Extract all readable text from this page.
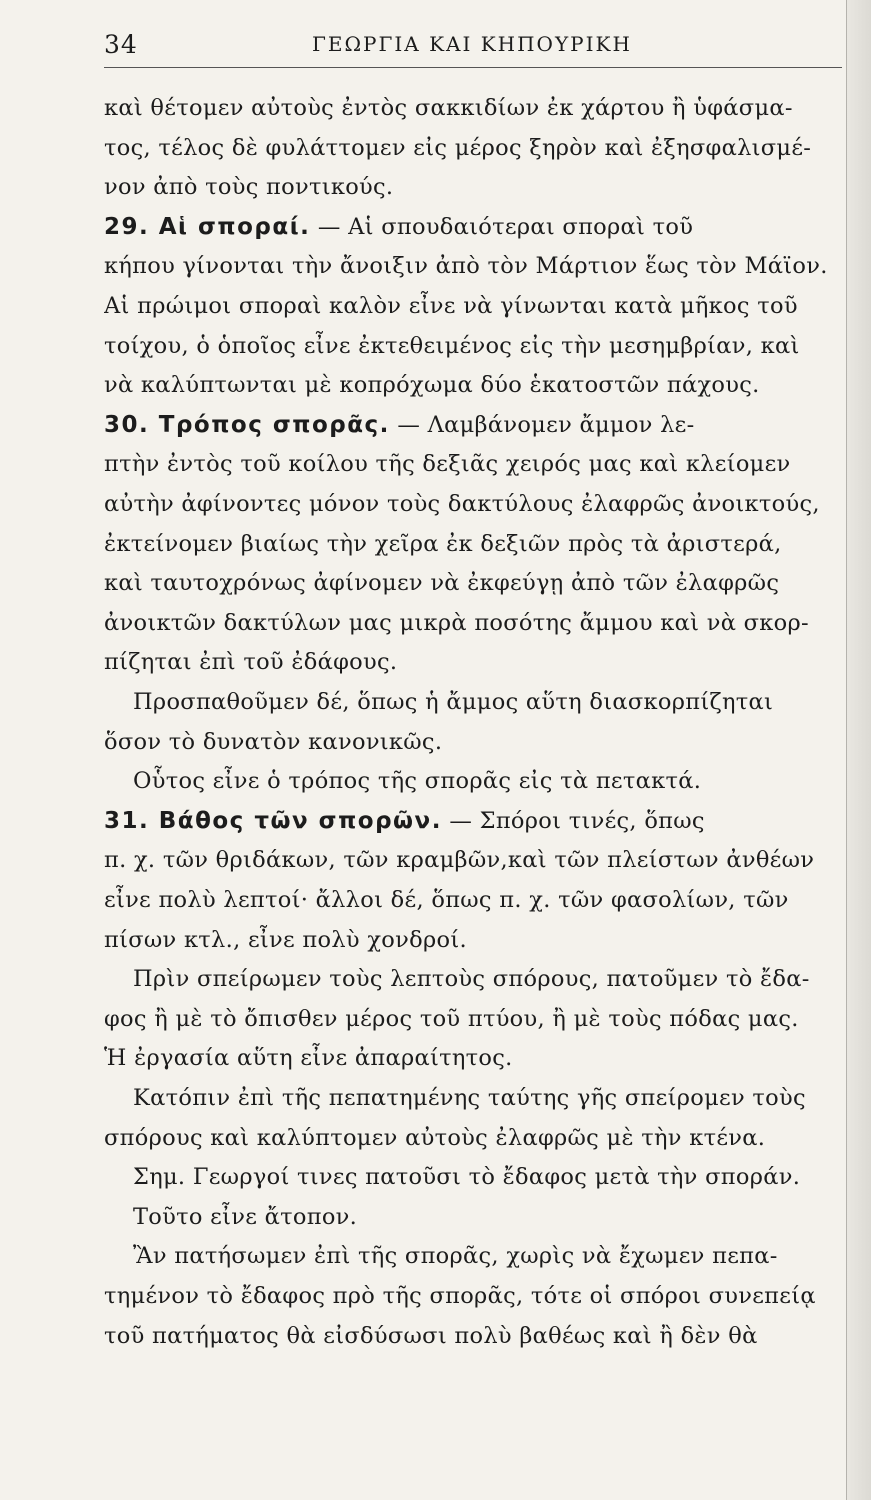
34	ΓΕΩΡΓΙΑ ΚΑΙ ΚΗΠΟΥΡΙΚΗ
καὶ θέτομεν αὐτοὺς ἐντὸς σακκιδίων ἐκ χάρτου ἢ ὑφάσμα-
τος, τέλος δὲ φυλάττομεν εἰς μέρος ξηρὸν καὶ ἐξησφαλισμέ-
νον ἀπὸ τοὺς ποντικούς.
29. Αἱ σποραί. — Αἱ σπουδαιότεραι σποραὶ τοῦ
κήπου γίνονται τὴν ἄνοιξιν ἀπὸ τὸν Μάρτιον ἕως τὸν Μάϊον.
Αἱ πρώιμοι σποραὶ καλὸν εἶνε νὰ γίνωνται κατὰ μῆκος τοῦ
τοίχου, ὁ ὁποῖος εἶνε ἐκτεθειμένος εἰς τὴν μεσημβρίαν, καὶ
νὰ καλύπτωνται μὲ κοπρόχωμα δύο ἑκατοστῶν πάχους.
30. Τρόπος σπορᾶς. — Λαμβάνομεν ἄμμον λε-
πτὴν ἐντὸς τοῦ κοίλου τῆς δεξιᾶς χειρός μας καὶ κλείομεν
αὐτὴν ἀφίνοντες μόνον τοὺς δακτύλους ἐλαφρῶς ἀνοικτούς,
ἐκτείνομεν βιαίως τὴν χεῖρα ἐκ δεξιῶν πρὸς τὰ ἀριστερά,
καὶ ταυτοχρόνως ἀφίνομεν νὰ ἐκφεύγῃ ἀπὸ τῶν ἐλαφρῶς
ἀνοικτῶν δακτύλων μας μικρὰ ποσότης ἄμμου καὶ νὰ σκορ-
πίζηται ἐπὶ τοῦ ἐδάφους.
Προσπαθοῦμεν δέ, ὅπως ἡ ἄμμος αὕτη διασκορπίζηται
ὅσον τὸ δυνατὸν κανονικῶς.
Οὗτος εἶνε ὁ τρόπος τῆς σπορᾶς εἰς τὰ πετακτά.
31. Βάθος τῶν σπορῶν. — Σπόροι τινές, ὅπως
π. χ. τῶν θριδάκων, τῶν κραμβῶν,καὶ τῶν πλείστων ἀνθέων
εἶνε πολὺ λεπτοί· ἄλλοι δέ, ὅπως π. χ. τῶν φασολίων, τῶν
πίσων κτλ., εἶνε πολὺ χονδροί.
Πρὶν σπείρωμεν τοὺς λεπτοὺς σπόρους, πατοῦμεν τὸ ἔδα-
φος ἢ μὲ τὸ ὄπισθεν μέρος τοῦ πτύου, ἢ μὲ τοὺς πόδας μας.
Ἡ ἐργασία αὕτη εἶνε ἀπαραίτητος.
Κατόπιν ἐπὶ τῆς πεπατημένης ταύτης γῆς σπείρομεν τοὺς
σπόρους καὶ καλύπτομεν αὐτοὺς ἐλαφρῶς μὲ τὴν κτένα.
Σημ. Γεωργοί τινες πατοῦσι τὸ ἔδαφος μετὰ τὴν σποράν.
Τοῦτο εἶνε ἄτοπον.
Ἂν πατήσωμεν ἐπὶ τῆς σπορᾶς, χωρὶς νὰ ἔχωμεν πεπα-
τημένον τὸ ἔδαφος πρὸ τῆς σπορᾶς, τότε οἱ σπόροι συνεπείᾳ
τοῦ πατήματος θὰ εἰσδύσωσι πολὺ βαθέως καὶ ἢ δὲν θὰ
